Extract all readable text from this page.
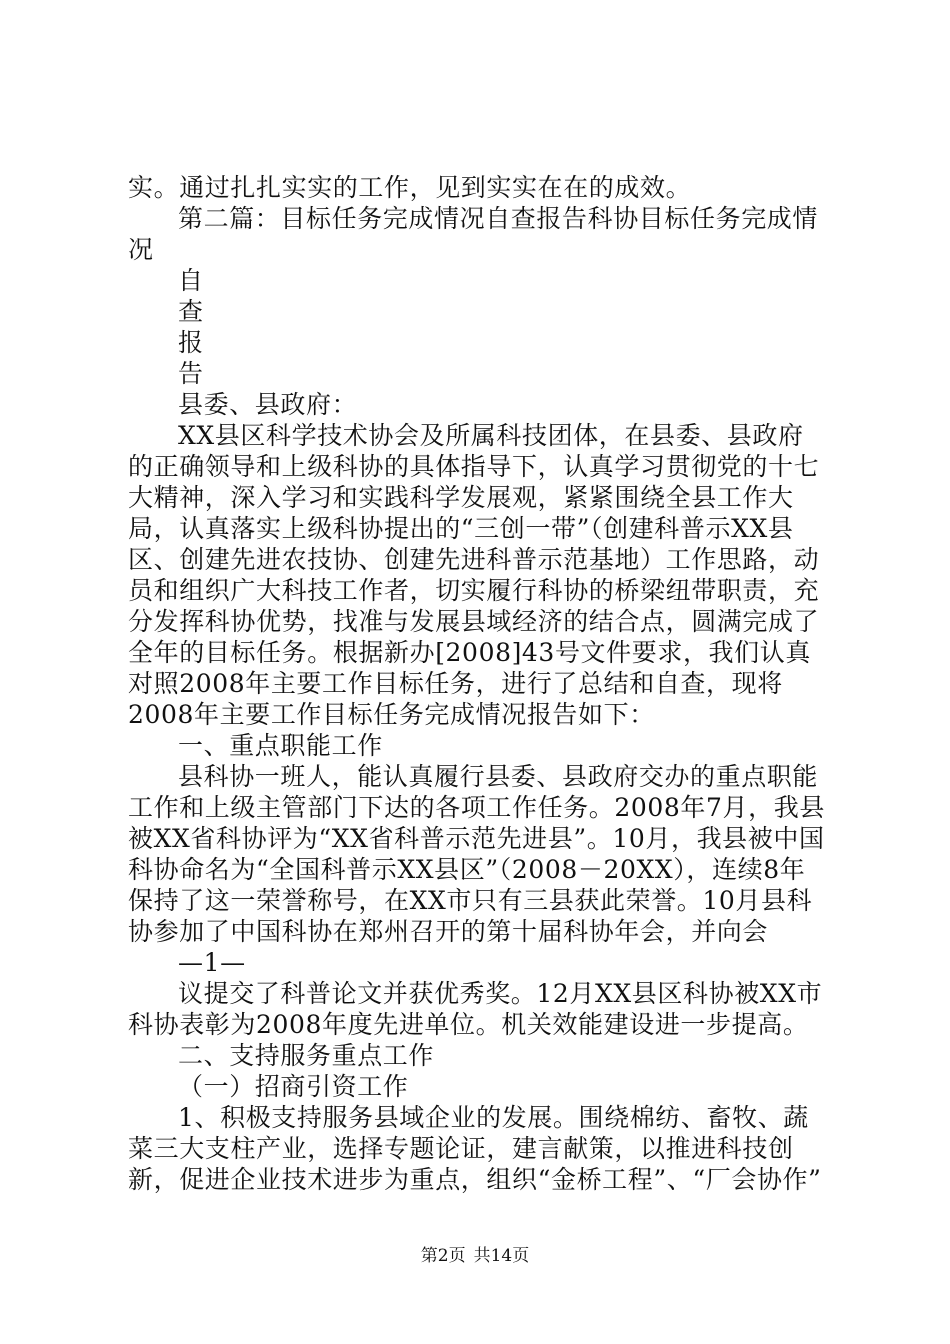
实。通过扎扎实实的工作，见到实实在在的成效。

第二篇：目标任务完成情况自查报告科协目标任务完成情况

自

查

报

告

县委、县政府：

XX县区科学技术协会及所属科技团体，在县委、县政府的正确领导和上级科协的具体指导下，认真学习贯彻党的十七大精神，深入学习和实践科学发展观，紧紧围绕全县工作大局，认真落实上级科协提出的“三创一带”（创建科普示XX县区、创建先进农技协、创建先进科普示范基地）工作思路，动员和组织广大科技工作者，切实履行科协的桥梁纽带职责，充分发挥科协优势，找准与发展县域经济的结合点，圆满完成了全年的目标任务。根据新办[2008]43号文件要求，我们认真对照2008年主要工作目标任务，进行了总结和自查，现将2008年主要工作目标任务完成情况报告如下：

一、重点职能工作

县科协一班人，能认真履行县委、县政府交办的重点职能工作和上级主管部门下达的各项工作任务。2008年7月，我县被XX省科协评为“XX省科普示范先进县”。10月，我县被中国科协命名为“全国科普示XX县区”（2008－20XX），连续8年保持了这一荣誉称号，在XX市只有三县获此荣誉。10月县科协参加了中国科协在郑州召开的第十届科协年会，并向会

—1—

议提交了科普论文并获优秀奖。12月XX县区科协被XX市科协表彰为2008年度先进单位。机关效能建设进一步提高。

二、支持服务重点工作

（一）招商引资工作

1、积极支持服务县域企业的发展。围绕棉纺、畜牧、蔬菜三大支柱产业，选择专题论证，建言献策，以推进科技创新，促进企业技术进步为重点，组织“金桥工程”、“厂会协作”

第2页 共14页
